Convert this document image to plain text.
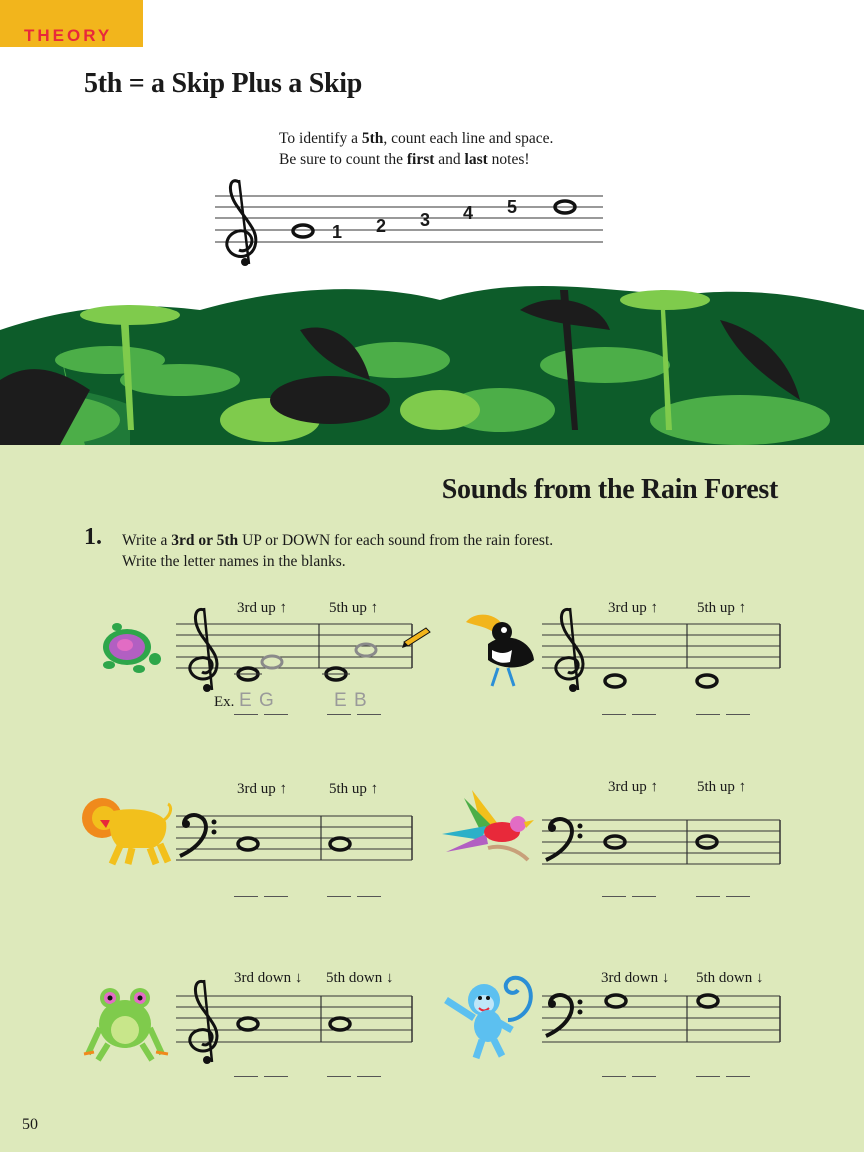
THEORY
5th = a Skip Plus a Skip

To identify a 5th, count each line and space.

Be sure to count the first and last notes!

1 2 3 4 5
Sounds from the Rain Forest
1. Write a 3rd or 5th UP or DOWN for each sound from the rain forest.

Write the letter names in the blanks.

3rd up ↑	5th up ↑
Ex. E G	E B
3rd up ↑	5th up ↑
3rd up ↑	5th up ↑	3rd up ↑	5th up ↑
3rd down ↓ 5th down ↓	3rd down ↓ 5th down ↓
50
